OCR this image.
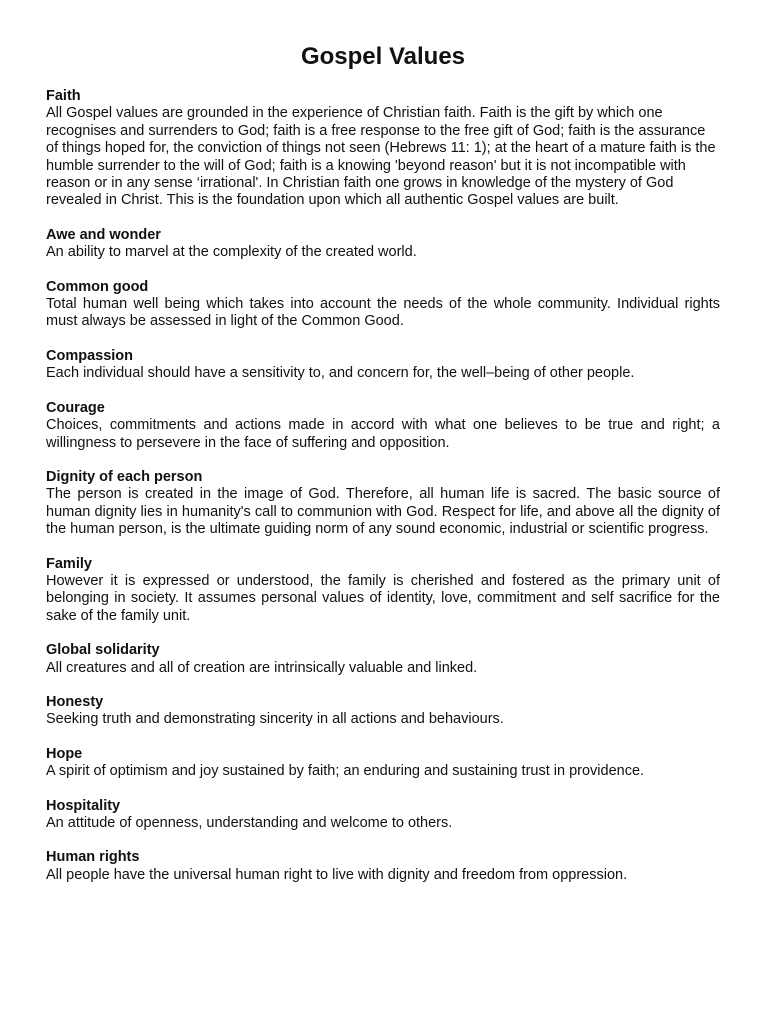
Gospel Values

Faith

All Gospel values are grounded in the experience of Christian faith. Faith is the gift by which one recognises and surrenders to God; faith is a free response to the free gift of God; faith is the assurance of things hoped for, the conviction of things not seen (Hebrews 11: 1); at the heart of a mature faith is the humble surrender to the will of God; faith is a knowing 'beyond reason' but it is not incompatible with reason or in any sense ‘irrational'. In Christian faith one grows in knowledge of the mystery of God revealed in Christ. This is the foundation upon which all authentic Gospel values are built.

Awe and wonder

An ability to marvel at the complexity of the created world.

Common good

Total human well being which takes into account the needs of the whole community. Individual rights must always be assessed in light of the Common Good.

Compassion

Each individual should have a sensitivity to, and concern for, the well–being of other people.

Courage

Choices, commitments and actions made in accord with what one believes to be true and right; a willingness to persevere in the face of suffering and opposition.

Dignity of each person

The person is created in the image of God. Therefore, all human life is sacred. The basic source of human dignity lies in humanity's call to communion with God. Respect for life, and above all the dignity of the human person, is the ultimate guiding norm of any sound economic, industrial or scientific progress.

Family

However it is expressed or understood, the family is cherished and fostered as the primary unit of belonging in society. It assumes personal values of identity, love, commitment and self sacrifice for the sake of the family unit.

Global solidarity

All creatures and all of creation are intrinsically valuable and linked.

Honesty

Seeking truth and demonstrating sincerity in all actions and behaviours.

Hope

A spirit of optimism and joy sustained by faith; an enduring and sustaining trust in providence.

Hospitality

An attitude of openness, understanding and welcome to others.

Human rights

All people have the universal human right to live with dignity and freedom from oppression.
